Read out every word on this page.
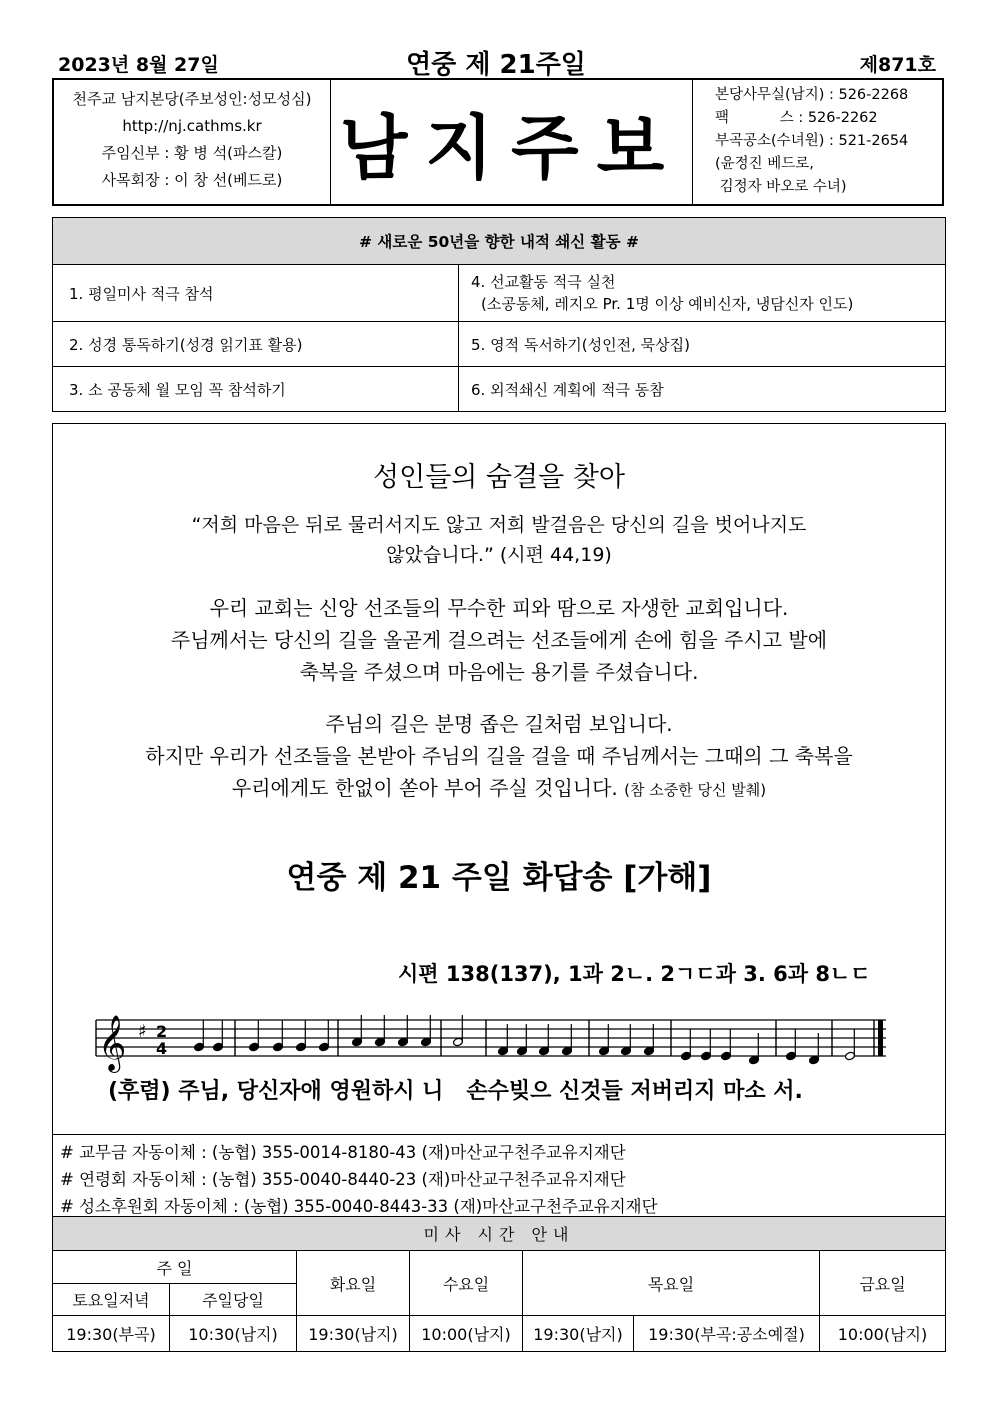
2023년 8월 27일	연중 제 21주일	제871호
천주교 남지본당(주보성인:성모성심)
http://nj.cathms.kr
주임신부 : 황 병 석(파스칼)
사목회장 : 이 창 선(베드로) 남지주보
본당사무실(남지) : 526-2268
팩           스 : 526-2262
부곡공소(수녀원) : 521-2654
(윤정진 베드로,
김정자 바오로 수녀)
# 새로운 50년을 향한 내적 쇄신 활동 #	
1. 평일미사 적극 참석	4. 선교활동 적극 실천
(소공동체, 레지오 Pr. 1명 이상 예비신자, 냉담신자 인도)

2. 성경 통독하기(성경 읽기표 활용)	5. 영적 독서하기(성인전, 묵상집)
3. 소 공동체 월 모임 꼭 참석하기	6. 외적쇄신 계획에 적극 동참
성인들의 숨결을 찾아
“저희 마음은 뒤로 물러서지도 않고 저희 발걸음은 당신의 길을 벗어나지도
않았습니다.” (시편 44,19)
우리 교회는 신앙 선조들의 무수한 피와 땀으로 자생한 교회입니다.
주님께서는 당신의 길을 올곧게 걸으려는 선조들에게 손에 힘을 주시고 발에
축복을 주셨으며 마음에는 용기를 주셨습니다.
주님의 길은 분명 좁은 길처럼 보입니다.
하지만 우리가 선조들을 본받아 주님의 길을 걸을 때 주님께서는 그때의 그 축복을
우리에게도 한없이 쏟아 부어 주실 것입니다. (참 소중한 당신 발췌)
연중 제 21 주일 화답송 [가해]
시편 138(137), 1과 2ㄴ. 2ㄱㄷ과 3. 6과 8ㄴㄷ
𝄞 ♯ 2
4
(후렴) 주님, 당신자애 영원하시 니   손수빚으 신것들 저버리지 마소 서.
# 교무금 자동이체 : (농협) 355-0014-8180-43 (재)마산교구천주교유지재단
# 연령회 자동이체 : (농협) 355-0040-8440-23 (재)마산교구천주교유지재단
# 성소후원회 자동이체 : (농협) 355-0040-8443-33 (재)마산교구천주교유지재단
미사 시간 안내						
주 일		화요일	수요일	목요일		금요일
토요일저녁	주일당일					
19:30(부곡)	10:30(남지)	19:30(남지)	10:00(남지)	19:30(남지)	19:30(부곡:공소예절)	10:00(남지)
